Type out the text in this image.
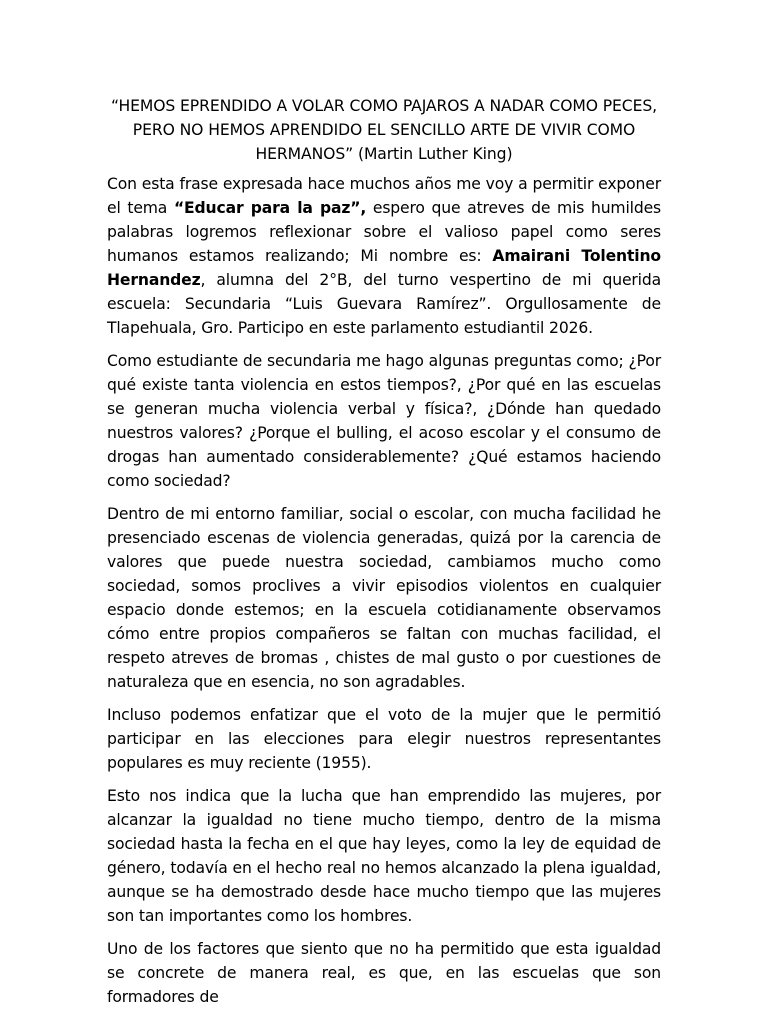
“HEMOS EPRENDIDO A VOLAR COMO PAJAROS A NADAR COMO PECES, PERO NO HEMOS APRENDIDO EL SENCILLO ARTE DE VIVIR COMO HERMANOS” (Martin Luther King)

Con esta frase expresada hace muchos años me voy a permitir exponer el tema “Educar para la paz”, espero que atreves de mis humildes palabras logremos reflexionar sobre el valioso papel como seres humanos estamos realizando; Mi nombre es: Amairani Tolentino Hernandez, alumna del 2°B, del turno vespertino de mi querida escuela: Secundaria “Luis Guevara Ramírez”. Orgullosamente de Tlapehuala, Gro. Participo en este parlamento estudiantil 2026.

Como estudiante de secundaria me hago algunas preguntas como; ¿Por qué existe tanta violencia en estos tiempos?, ¿Por qué en las escuelas se generan mucha violencia verbal y física?, ¿Dónde han quedado nuestros valores? ¿Porque el bulling, el acoso escolar y el consumo de drogas han aumentado considerablemente? ¿Qué estamos haciendo como sociedad?

Dentro de mi entorno familiar, social o escolar, con mucha facilidad he presenciado escenas de violencia generadas, quizá por la carencia de valores que puede nuestra sociedad, cambiamos mucho como sociedad, somos proclives a vivir episodios violentos en cualquier espacio donde estemos; en la escuela cotidianamente observamos cómo entre propios compañeros se faltan con muchas facilidad, el respeto atreves de bromas , chistes de mal gusto o por cuestiones de naturaleza que en esencia, no son agradables.

Incluso podemos enfatizar que el voto de la mujer que le permitió participar en las elecciones para elegir nuestros representantes populares es muy reciente (1955).

Esto nos indica que la lucha que han emprendido las mujeres, por alcanzar la igualdad no tiene mucho tiempo, dentro de la misma sociedad hasta la fecha en el que hay leyes, como la ley de equidad de género, todavía en el hecho real no hemos alcanzado la plena igualdad, aunque se ha demostrado desde hace mucho tiempo que las mujeres son tan importantes como los hombres.

Uno de los factores que siento que no ha permitido que esta igualdad se concrete de manera real, es que, en las escuelas que son formadores de
